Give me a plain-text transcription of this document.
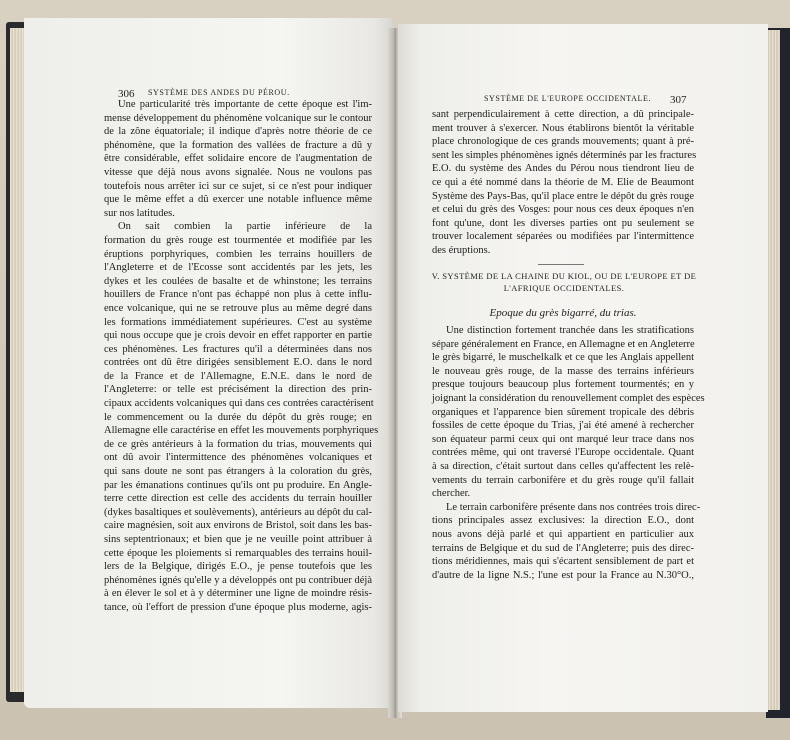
306 SYSTÈME DES ANDES DU PÉROU.
Une particularité très importante de cette époque est l'im-
mense développement du phénomène volcanique sur le contour
de la zône équatoriale; il indique d'après notre théorie de ce
phénomène, que la formation des vallées de fracture a dû y
être considérable, effet solidaire encore de l'augmentation de
vitesse que déjà nous avons signalée. Nous ne voulons pas
toutefois nous arrêter ici sur ce sujet, si ce n'est pour indiquer
que le même effet a dû exercer une notable influence même
sur nos latitudes.
On sait combien la partie inférieure de la
formation du grès rouge est tourmentée et modifiée par les
éruptions porphyriques, combien les terrains houillers de
l'Angleterre et de l'Ecosse sont accidentés par les jets, les
dykes et les coulées de basalte et de whinstone; les terrains
houillers de France n'ont pas échappé non plus à cette influ-
ence volcanique, qui ne se retrouve plus au même degré dans
les formations immédiatement supérieures. C'est au système
qui nous occupe que je crois devoir en effet rapporter en partie
ces phénomènes. Les fractures qu'il a déterminées dans nos
contrées ont dû être dirigées sensiblement E.O. dans le nord
de la France et de l'Allemagne, E.N.E. dans le nord de
l'Angleterre: or telle est précisément la direction des prin-
cipaux accidents volcaniques qui dans ces contrées caractérisent
le commencement ou la durée du dépôt du grès rouge; en
Allemagne elle caractérise en effet les mouvements porphyriques
de ce grès antérieurs à la formation du trias, mouvements qui
ont dû avoir l'intermittence des phénomènes volcaniques et
qui sans doute ne sont pas étrangers à la coloration du grès,
par les émanations continues qu'ils ont pu produire. En Angle-
terre cette direction est celle des accidents du terrain houiller
(dykes basaltiques et soulèvements), antérieurs au dépôt du cal-
caire magnésien, soit aux environs de Bristol, soit dans les bas-
sins septentrionaux; et bien que je ne veuille point attribuer à
cette époque les ploiements si remarquables des terrains houil-
lers de la Belgique, dirigés E.O., je pense toutefois que les
phénomènes ignés qu'elle y a développés ont pu contribuer déjà
à en élever le sol et à y déterminer une ligne de moindre résis-
tance, où l'effort de pression d'une époque plus moderne, agis-
SYSTÈME DE L'EUROPE OCCIDENTALE. 307
sant perpendiculairement à cette direction, a dû principale-
ment trouver à s'exercer. Nous établirons bientôt la véritable
place chronologique de ces grands mouvements; quant à pré-
sent les simples phénomènes ignés déterminés par les fractures
E.O. du système des Andes du Pérou nous tiendront lieu de
ce qui a été nommé dans la théorie de M. Elie de Beaumont
Système des Pays-Bas, qu'il place entre le dépôt du grès rouge
et celui du grès des Vosges: pour nous ces deux époques n'en
font qu'une, dont les diverses parties ont pu seulement se
trouver localement séparées ou modifiées par l'intermittence
des éruptions.
V. SYSTÈME DE LA CHAINE DU KIOL, OU DE L'EUROPE ET DE
L'AFRIQUE OCCIDENTALES.
Epoque du grès bigarré, du trias.
Une distinction fortement tranchée dans les stratifications
sépare généralement en France, en Allemagne et en Angleterre
le grès bigarré, le muschelkalk et ce que les Anglais appellent
le nouveau grès rouge, de la masse des terrains inférieurs
presque toujours beaucoup plus fortement tourmentés; en y
joignant la considération du renouvellement complet des espèces
organiques et l'apparence bien sûrement tropicale des débris
fossiles de cette époque du Trias, j'ai été amené à rechercher
son équateur parmi ceux qui ont marqué leur trace dans nos
contrées même, qui ont traversé l'Europe occidentale. Quant
à sa direction, c'était surtout dans celles qu'affectent les relè-
vements du terrain carbonifère et du grès rouge qu'il fallait
chercher.
Le terrain carbonifère présente dans nos contrées trois direc-
tions principales assez exclusives: la direction E.O., dont
nous avons déjà parlé et qui appartient en particulier aux
terrains de Belgique et du sud de l'Angleterre; puis des direc-
tions méridiennes, mais qui s'écartent sensiblement de part et
d'autre de la ligne N.S.; l'une est pour la France au N.30°O.,
